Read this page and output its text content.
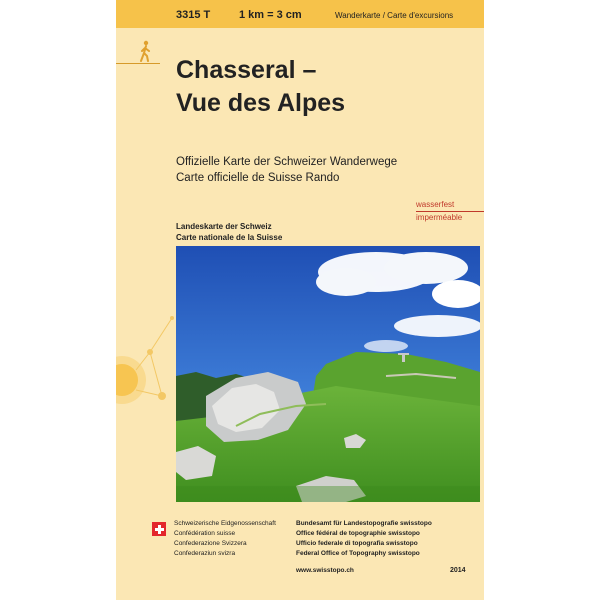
3315 T	1 km = 3 cm	Wanderkarte / Carte d'excursions
Chasseral –
Vue des Alpes
Offizielle Karte der Schweizer Wanderwege
Carte officielle de Suisse Rando
wasserfest
imperméable
Landeskarte der Schweiz
Carte nationale de la Suisse
Schweizerische Eidgenossenschaft
Confédération suisse
Confederazione Svizzera
Confederaziun svizra
Bundesamt für Landestopografie swisstopo
Office fédéral de topographie swisstopo
Ufficio federale di topografia swisstopo
Federal Office of Topography swisstopo
www.swisstopo.ch	2014
